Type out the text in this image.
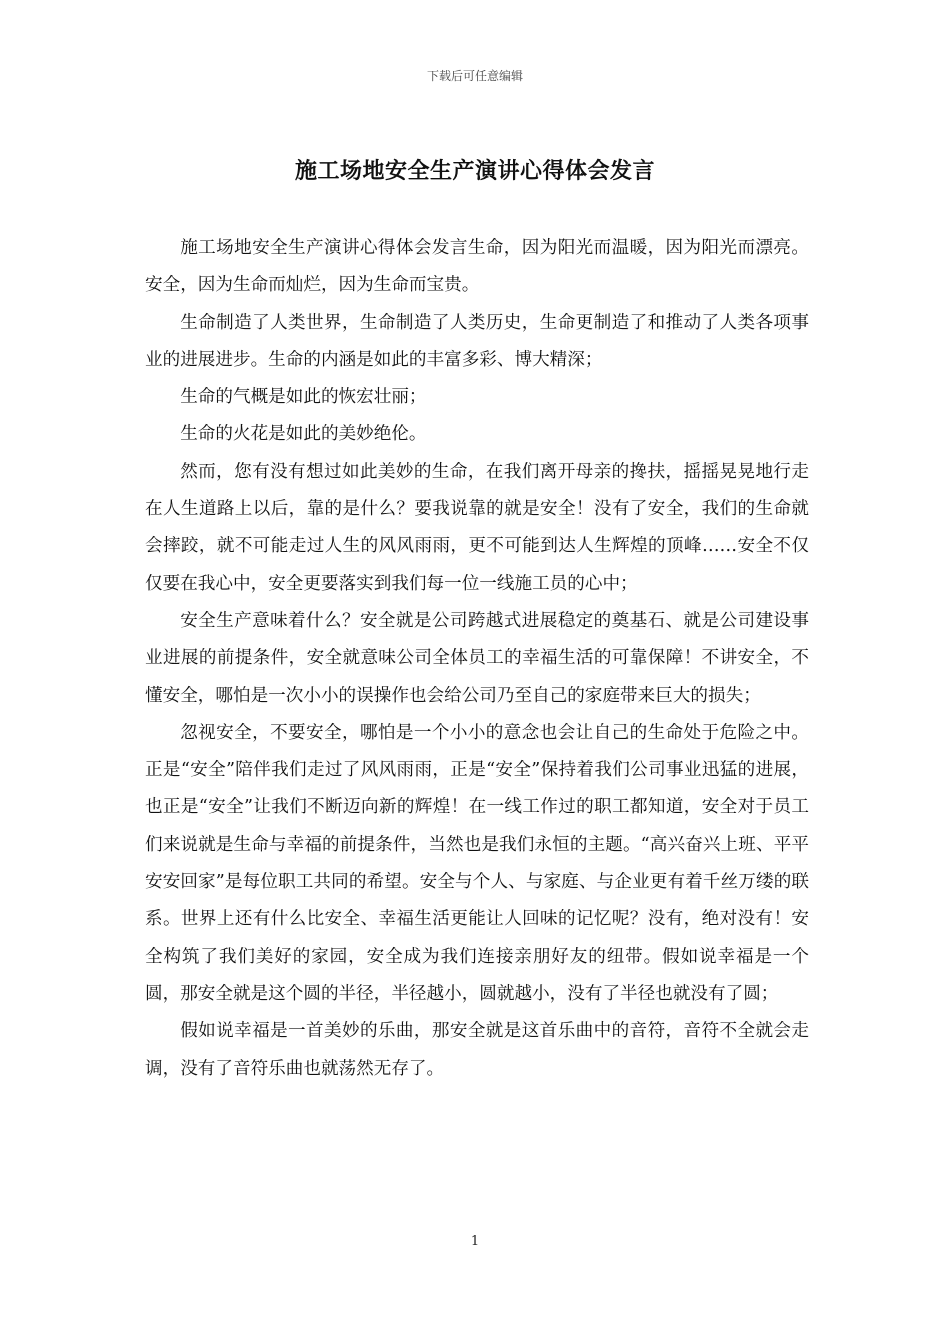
下载后可任意编辑
施工场地安全生产演讲心得体会发言

施工场地安全生产演讲心得体会发言生命，因为阳光而温暖，因为阳光而漂亮。安全，因为生命而灿烂，因为生命而宝贵。

生命制造了人类世界，生命制造了人类历史，生命更制造了和推动了人类各项事业的进展进步。生命的内涵是如此的丰富多彩、博大精深；

生命的气概是如此的恢宏壮丽；

生命的火花是如此的美妙绝伦。

然而，您有没有想过如此美妙的生命，在我们离开母亲的搀扶，摇摇晃晃地行走在人生道路上以后，靠的是什么？要我说靠的就是安全！没有了安全，我们的生命就会摔跤，就不可能走过人生的风风雨雨，更不可能到达人生辉煌的顶峰……安全不仅仅要在我心中，安全更要落实到我们每一位一线施工员的心中；

安全生产意味着什么？安全就是公司跨越式进展稳定的奠基石、就是公司建设事业进展的前提条件，安全就意味公司全体员工的幸福生活的可靠保障！不讲安全，不懂安全，哪怕是一次小小的误操作也会给公司乃至自己的家庭带来巨大的损失；

忽视安全，不要安全，哪怕是一个小小的意念也会让自己的生命处于危险之中。正是“安全”陪伴我们走过了风风雨雨，正是“安全”保持着我们公司事业迅猛的进展，也正是“安全”让我们不断迈向新的辉煌！在一线工作过的职工都知道，安全对于员工们来说就是生命与幸福的前提条件，当然也是我们永恒的主题。“高兴奋兴上班、平平安安回家”是每位职工共同的希望。安全与个人、与家庭、与企业更有着千丝万缕的联系。世界上还有什么比安全、幸福生活更能让人回味的记忆呢？没有，绝对没有！安全构筑了我们美好的家园，安全成为我们连接亲朋好友的纽带。假如说幸福是一个圆，那安全就是这个圆的半径，半径越小，圆就越小，没有了半径也就没有了圆；

假如说幸福是一首美妙的乐曲，那安全就是这首乐曲中的音符，音符不全就会走调，没有了音符乐曲也就荡然无存了。

1
